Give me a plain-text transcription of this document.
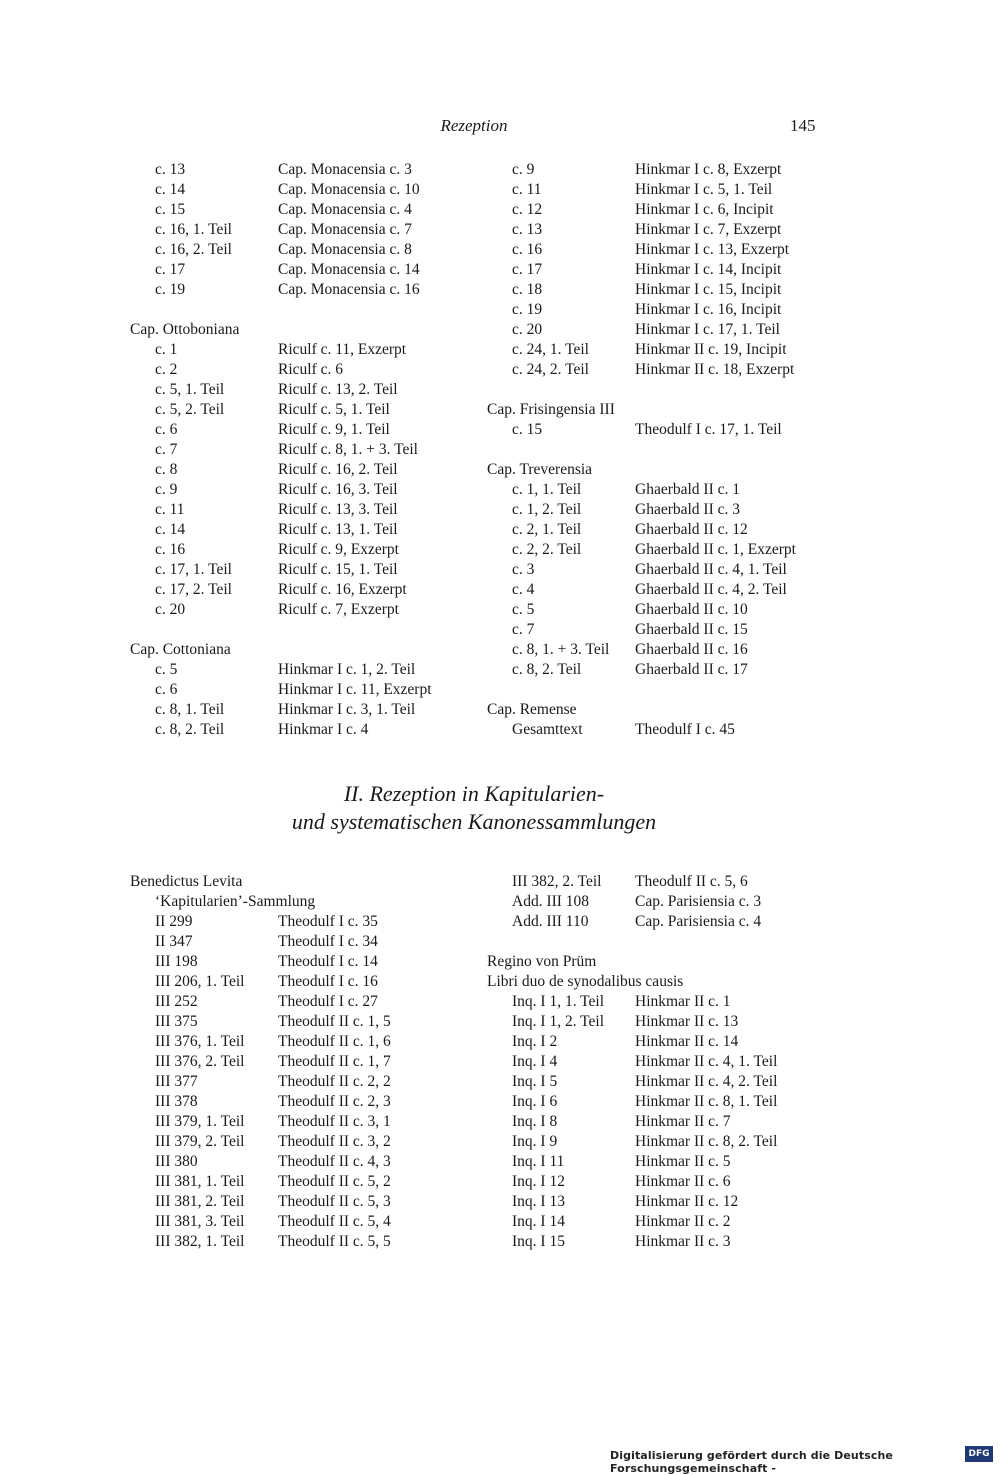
Rezeption	145
c. 13	Cap. Monacensia c. 3
c. 14	Cap. Monacensia c. 10
c. 15	Cap. Monacensia c. 4
c. 16, 1. Teil	Cap. Monacensia c. 7
c. 16, 2. Teil	Cap. Monacensia c. 8
c. 17	Cap. Monacensia c. 14
c. 19	Cap. Monacensia c. 16
Cap. Ottoboniana
c. 1	Riculf c. 11, Exzerpt
c. 2	Riculf c. 6
c. 5, 1. Teil	Riculf c. 13, 2. Teil
c. 5, 2. Teil	Riculf c. 5, 1. Teil
c. 6	Riculf c. 9, 1. Teil
c. 7	Riculf c. 8, 1. + 3. Teil
c. 8	Riculf c. 16, 2. Teil
c. 9	Riculf c. 16, 3. Teil
c. 11	Riculf c. 13, 3. Teil
c. 14	Riculf c. 13, 1. Teil
c. 16	Riculf c. 9, Exzerpt
c. 17, 1. Teil	Riculf c. 15, 1. Teil
c. 17, 2. Teil	Riculf c. 16, Exzerpt
c. 20	Riculf c. 7, Exzerpt
Cap. Cottoniana
c. 5	Hinkmar I c. 1, 2. Teil
c. 6	Hinkmar I c. 11, Exzerpt
c. 8, 1. Teil	Hinkmar I c. 3, 1. Teil
c. 8, 2. Teil	Hinkmar I c. 4
c. 9	Hinkmar I c. 8, Exzerpt
c. 11	Hinkmar I c. 5, 1. Teil
c. 12	Hinkmar I c. 6, Incipit
c. 13	Hinkmar I c. 7, Exzerpt
c. 16	Hinkmar I c. 13, Exzerpt
c. 17	Hinkmar I c. 14, Incipit
c. 18	Hinkmar I c. 15, Incipit
c. 19	Hinkmar I c. 16, Incipit
c. 20	Hinkmar I c. 17, 1. Teil
c. 24, 1. Teil	Hinkmar II c. 19, Incipit
c. 24, 2. Teil	Hinkmar II c. 18, Exzerpt
Cap. Frisingensia III
c. 15	Theodulf I c. 17, 1. Teil
Cap. Treverensia
c. 1, 1. Teil	Ghaerbald II c. 1
c. 1, 2. Teil	Ghaerbald II c. 3
c. 2, 1. Teil	Ghaerbald II c. 12
c. 2, 2. Teil	Ghaerbald II c. 1, Exzerpt
c. 3	Ghaerbald II c. 4, 1. Teil
c. 4	Ghaerbald II c. 4, 2. Teil
c. 5	Ghaerbald II c. 10
c. 7	Ghaerbald II c. 15
c. 8, 1. + 3. Teil Ghaerbald II c. 16
c. 8, 2. Teil	Ghaerbald II c. 17
Cap. Remense
Gesamttext	Theodulf I c. 45
II. Rezeption in Kapitularien-
und systematischen Kanonessammlungen
Benedictus Levita
‘Kapitularien’-Sammlung
II 299	Theodulf I c. 35
II 347	Theodulf I c. 34
III 198	Theodulf I c. 14
III 206, 1. Teil Theodulf I c. 16
III 252	Theodulf I c. 27
III 375	Theodulf II c. 1, 5
III 376, 1. Teil Theodulf II c. 1, 6
III 376, 2. Teil Theodulf II c. 1, 7
III 377	Theodulf II c. 2, 2
III 378	Theodulf II c. 2, 3
III 379, 1. Teil Theodulf II c. 3, 1
III 379, 2. Teil Theodulf II c. 3, 2
III 380	Theodulf II c. 4, 3
III 381, 1. Teil Theodulf II c. 5, 2
III 381, 2. Teil Theodulf II c. 5, 3
III 381, 3. Teil Theodulf II c. 5, 4
III 382, 1. Teil Theodulf II c. 5, 5
III 382, 2. Teil Theodulf II c. 5, 6
Add. III 108	Cap. Parisiensia c. 3
Add. III 110	Cap. Parisiensia c. 4
Regino von Prüm
Libri duo de synodalibus causis
Inq. I 1, 1. Teil Hinkmar II c. 1
Inq. I 1, 2. Teil Hinkmar II c. 13
Inq. I 2	Hinkmar II c. 14
Inq. I 4	Hinkmar II c. 4, 1. Teil
Inq. I 5	Hinkmar II c. 4, 2. Teil
Inq. I 6	Hinkmar II c. 8, 1. Teil
Inq. I 8	Hinkmar II c. 7
Inq. I 9	Hinkmar II c. 8, 2. Teil
Inq. I 11	Hinkmar II c. 5
Inq. I 12	Hinkmar II c. 6
Inq. I 13	Hinkmar II c. 12
Inq. I 14	Hinkmar II c. 2
Inq. I 15	Hinkmar II c. 3
Digitalisierung gefördert durch die Deutsche Forschungsgemeinschaft -
DFG
